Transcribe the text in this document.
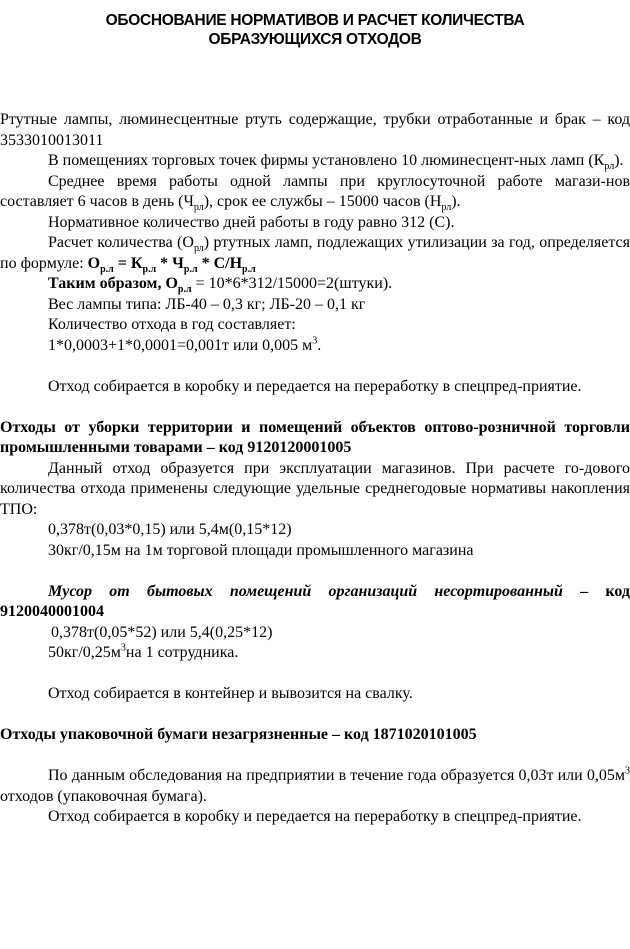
ОБОСНОВАНИЕ НОРМАТИВОВ И РАСЧЕТ КОЛИЧЕСТВА
ОБРАЗУЮЩИХСЯ ОТХОДОВ

Ртутные лампы, люминесцентные ртуть содержащие, трубки отработанные и брак – код 3533010013011

В помещениях торговых точек фирмы установлено 10 люминесцент-ных ламп $(К_{рл})$.

Среднее время работы одной лампы при круглосуточной работе магази-нов составляет 6 часов в день $(Ч_{рл})$, срок ее службы – 15000 часов $(Н_{рл})$.

Нормативное количество дней работы в году равно 312 (С).

Расчет количества $(О_{рл})$ ртутных ламп, подлежащих утилизации за год, определяется по формуле: $О_{р.л} = К_{р.л} * Ч_{р.л} * С/Н_{р.л}$

Таким образом, $О_{р.л}$ = 10*6*312/15000=2(штуки).

Вес лампы типа: ЛБ-40 – 0,3 кг; ЛБ-20 – 0,1 кг

Количество отхода в год составляет:

1*0,0003+1*0,0001=0,001т или 0,005 $м^3$.

Отход собирается в коробку и передается на переработку в спецпред-приятие.

Отходы от уборки территории и помещений объектов оптово-розничной торговли промышленными товарами – код 9120120001005

Данный отход образуется при эксплуатации магазинов. При расчете го-дового количества отхода применены следующие удельные среднегодовые нормативы накопления ТПО:

0,378т(0,03*0,15) или 5,4м(0,15*12)

30кг/0,15м на 1м торговой площади промышленного магазина

Мусор от бытовых помещений организаций несортированный – код 9120040001004

0,378т(0,05*52) или 5,4(0,25*12)

$50кг/0,25м^3на$ 1 сотрудника.

Отход собирается в контейнер и вывозится на свалку.

Отходы упаковочной бумаги незагрязненные – код 1871020101005

По данным обследования на предприятии в течение года образуется 0,03т или $0,05м^3$ отходов (упаковочная бумага).

Отход собирается в коробку и передается на переработку в спецпред-приятие.
